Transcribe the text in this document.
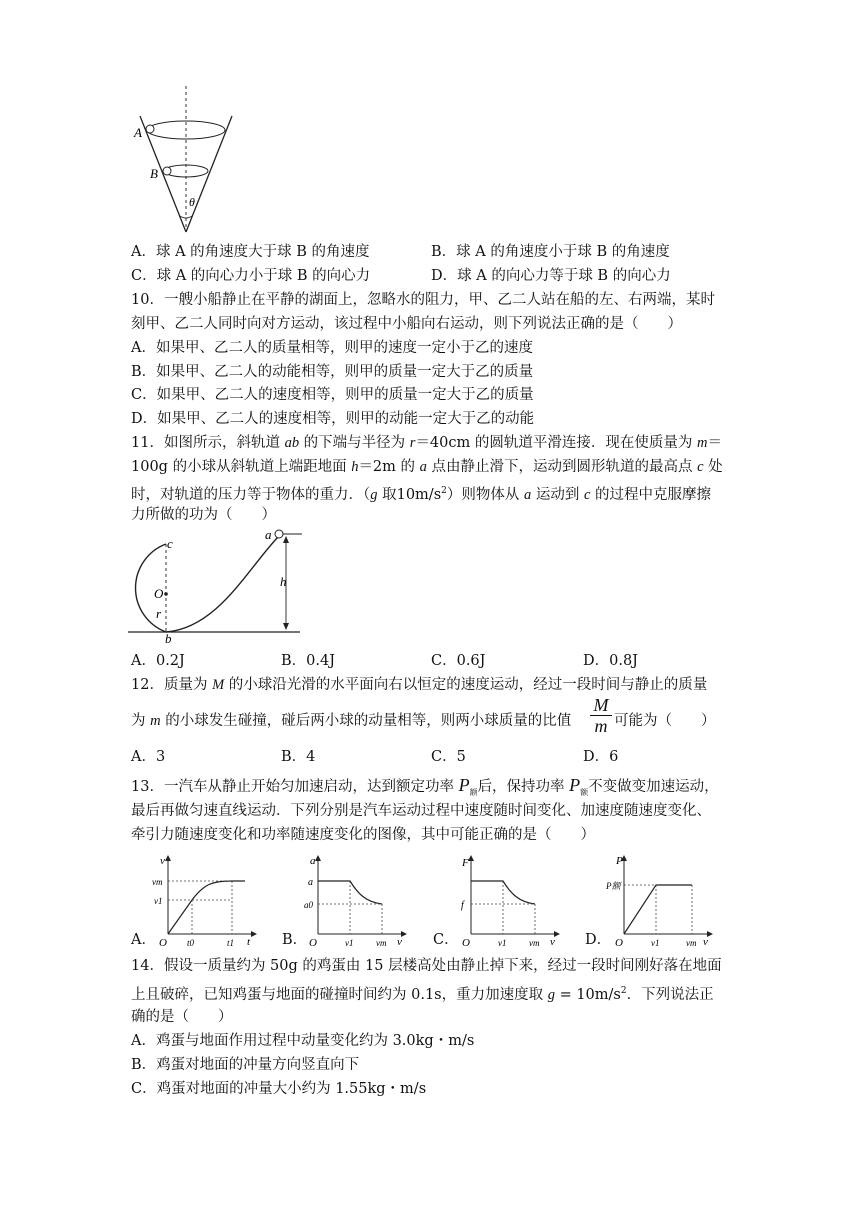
A
B
θ
A．球 A 的角速度大于球 B 的角速度	B．球 A 的角速度小于球 B 的角速度
C．球 A 的向心力小于球 B 的向心力	D．球 A 的向心力等于球 B 的向心力
10．一艘小船静止在平静的湖面上，忽略水的阻力，甲、乙二人站在船的左、右两端，某时
刻甲、乙二人同时向对方运动，该过程中小船向右运动，则下列说法正确的是（　　）
A．如果甲、乙二人的质量相等，则甲的速度一定小于乙的速度
B．如果甲、乙二人的动能相等，则甲的质量一定大于乙的质量
C．如果甲、乙二人的速度相等，则甲的质量一定大于乙的质量
D．如果甲、乙二人的速度相等，则甲的动能一定大于乙的动能
11．如图所示，斜轨道 ab 的下端与半径为 r＝40cm 的圆轨道平滑连接．现在使质量为 m＝
100g 的小球从斜轨道上端距地面 h＝2m 的 a 点由静止滑下，运动到圆形轨道的最高点 c 处
时，对轨道的压力等于物体的重力．（g 取$10m/s^2$）则物体从 a 运动到 c 的过程中克服摩擦
力所做的功为（　　）
a
c
O
r
b
h
A．0.2J	B．0.4J	C．0.6J	D．0.8J
12．质量为 M 的小球沿光滑的水平面向右以恒定的速度运动，经过一段时间与静止的质量
为 m 的小球发生碰撞，碰后两小球的动量相等，则两小球质量的比值
M
m 可能为（　　）
A．3	B．4	C．5	D．6
13．一汽车从静止开始匀加速启动，达到额定功率 $P_额$后，保持功率 $P_额$不变做变加速运动，
最后再做匀速直线运动．下列分别是汽车运动过程中速度随时间变化、加速度随速度变化、
牵引力随速度变化和功率随速度变化的图像，其中可能正确的是（　　）
A．
v
t
O
vm
v1
t0	t1	B．
a
v
O
a
a0
v1	vm	C．
F
v
O
f
v1	vm	D．
P
v
O
P额
v1	vm
14．假设一质量约为 50g 的鸡蛋由 15 层楼高处由静止掉下来，经过一段时间刚好落在地面
上且破碎，已知鸡蛋与地面的碰撞时间约为 0.1s，重力加速度取 $g = 10m/s^2$．下列说法正
确的是（　　）
A．鸡蛋与地面作用过程中动量变化约为 3.0kg・m/s
B．鸡蛋对地面的冲量方向竖直向下
C．鸡蛋对地面的冲量大小约为 1.55kg・m/s
